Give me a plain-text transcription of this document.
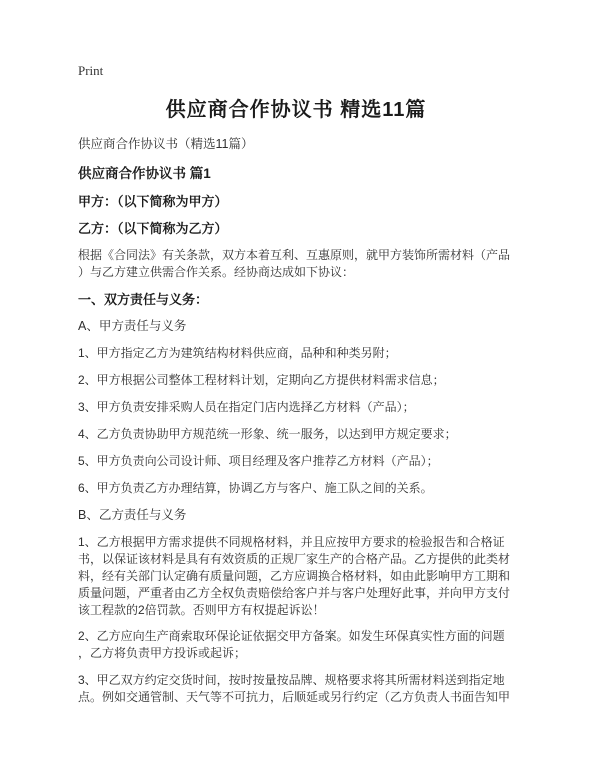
Print
供应商合作协议书 精选11篇

供应商合作协议书（精选11篇）

供应商合作协议书 篇1

甲方：（以下简称为甲方）

乙方：（以下简称为乙方）

根据《合同法》有关条款，双方本着互利、互惠原则，就甲方装饰所需材料（产品）与乙方建立供需合作关系。经协商达成如下协议：

一、双方责任与义务：

A、甲方责任与义务

1、甲方指定乙方为建筑结构材料供应商，品种和种类另附；

2、甲方根据公司整体工程材料计划，定期向乙方提供材料需求信息；

3、甲方负责安排采购人员在指定门店内选择乙方材料（产品）；

4、乙方负责协助甲方规范统一形象、统一服务，以达到甲方规定要求；

5、甲方负责向公司设计师、项目经理及客户推荐乙方材料（产品）；

6、甲方负责乙方办理结算，协调乙方与客户、施工队之间的关系。

B、乙方责任与义务

1、乙方根据甲方需求提供不同规格材料，并且应按甲方要求的检验报告和合格证书，以保证该材料是具有有效资质的正规厂家生产的合格产品。乙方提供的此类材料，经有关部门认定确有质量问题，乙方应调换合格材料，如由此影响甲方工期和质量问题，严重者由乙方全权负责赔偿给客户并与客户处理好此事，并向甲方支付该工程款的2倍罚款。否则甲方有权提起诉讼！

2、乙方应向生产商索取环保论证依据交甲方备案。如发生环保真实性方面的问题，乙方将负责甲方投诉或起诉；

3、甲乙双方约定交货时间，按时按量按品牌、规格要求将其所需材料送到指定地点。例如交通管制、天气等不可抗力，后顺延或另行约定（乙方负责人书面告知甲
